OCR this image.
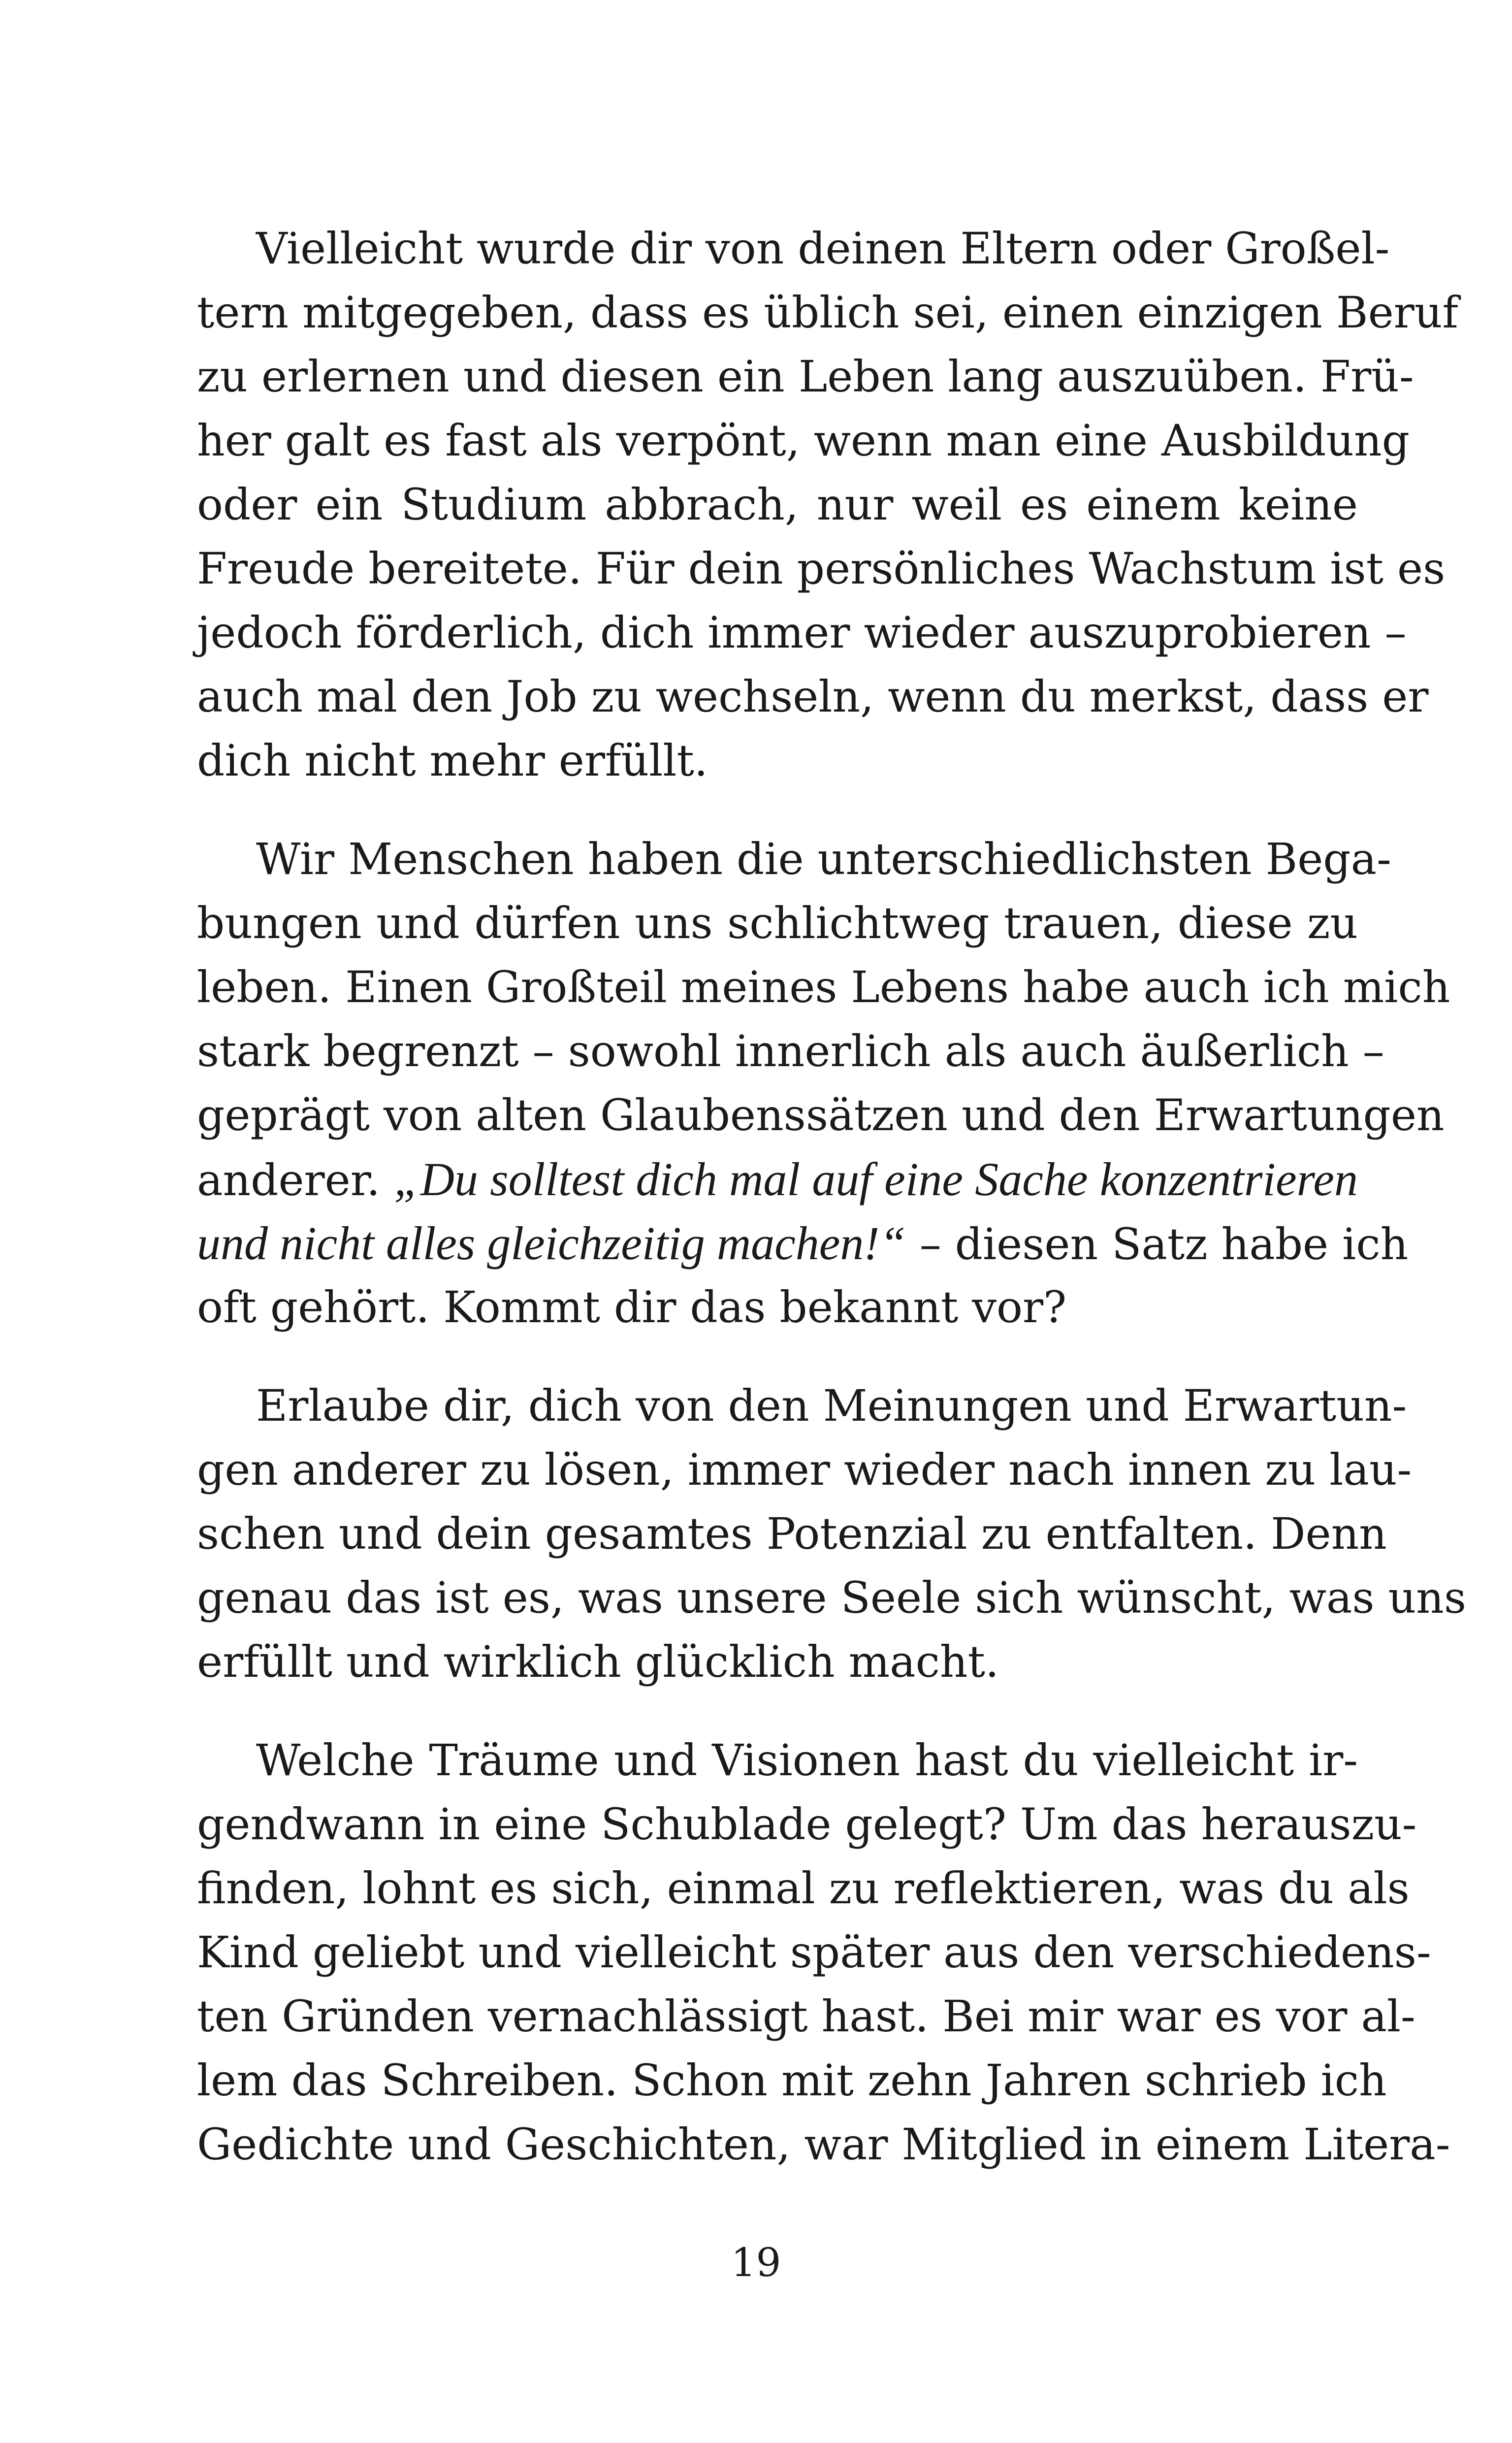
Vielleicht wurde dir von deinen Eltern oder Großel-
tern mitgegeben, dass es üblich sei, einen einzigen Beruf
zu erlernen und diesen ein Leben lang auszuüben. Frü-
her galt es fast als verpönt, wenn man eine Ausbildung
oder ein Studium abbrach, nur weil es einem keine
Freude bereitete. Für dein persönliches Wachstum ist es
jedoch förderlich, dich immer wieder auszuprobieren –
auch mal den Job zu wechseln, wenn du merkst, dass er
dich nicht mehr erfüllt.
Wir Menschen haben die unterschiedlichsten Bega-
bungen und dürfen uns schlichtweg trauen, diese zu
leben. Einen Großteil meines Lebens habe auch ich mich
stark begrenzt – sowohl innerlich als auch äußerlich –
geprägt von alten Glaubenssätzen und den Erwartungen
anderer. „Du solltest dich mal auf eine Sache konzentrieren
und nicht alles gleichzeitig machen!“ – diesen Satz habe ich
oft gehört. Kommt dir das bekannt vor?
Erlaube dir, dich von den Meinungen und Erwartun-
gen anderer zu lösen, immer wieder nach innen zu lau-
schen und dein gesamtes Potenzial zu entfalten. Denn
genau das ist es, was unsere Seele sich wünscht, was uns
erfüllt und wirklich glücklich macht.
Welche Träume und Visionen hast du vielleicht ir-
gendwann in eine Schublade gelegt? Um das herauszu-
finden, lohnt es sich, einmal zu reflektieren, was du als
Kind geliebt und vielleicht später aus den verschiedens-
ten Gründen vernachlässigt hast. Bei mir war es vor al-
lem das Schreiben. Schon mit zehn Jahren schrieb ich
Gedichte und Geschichten, war Mitglied in einem Litera-
19
